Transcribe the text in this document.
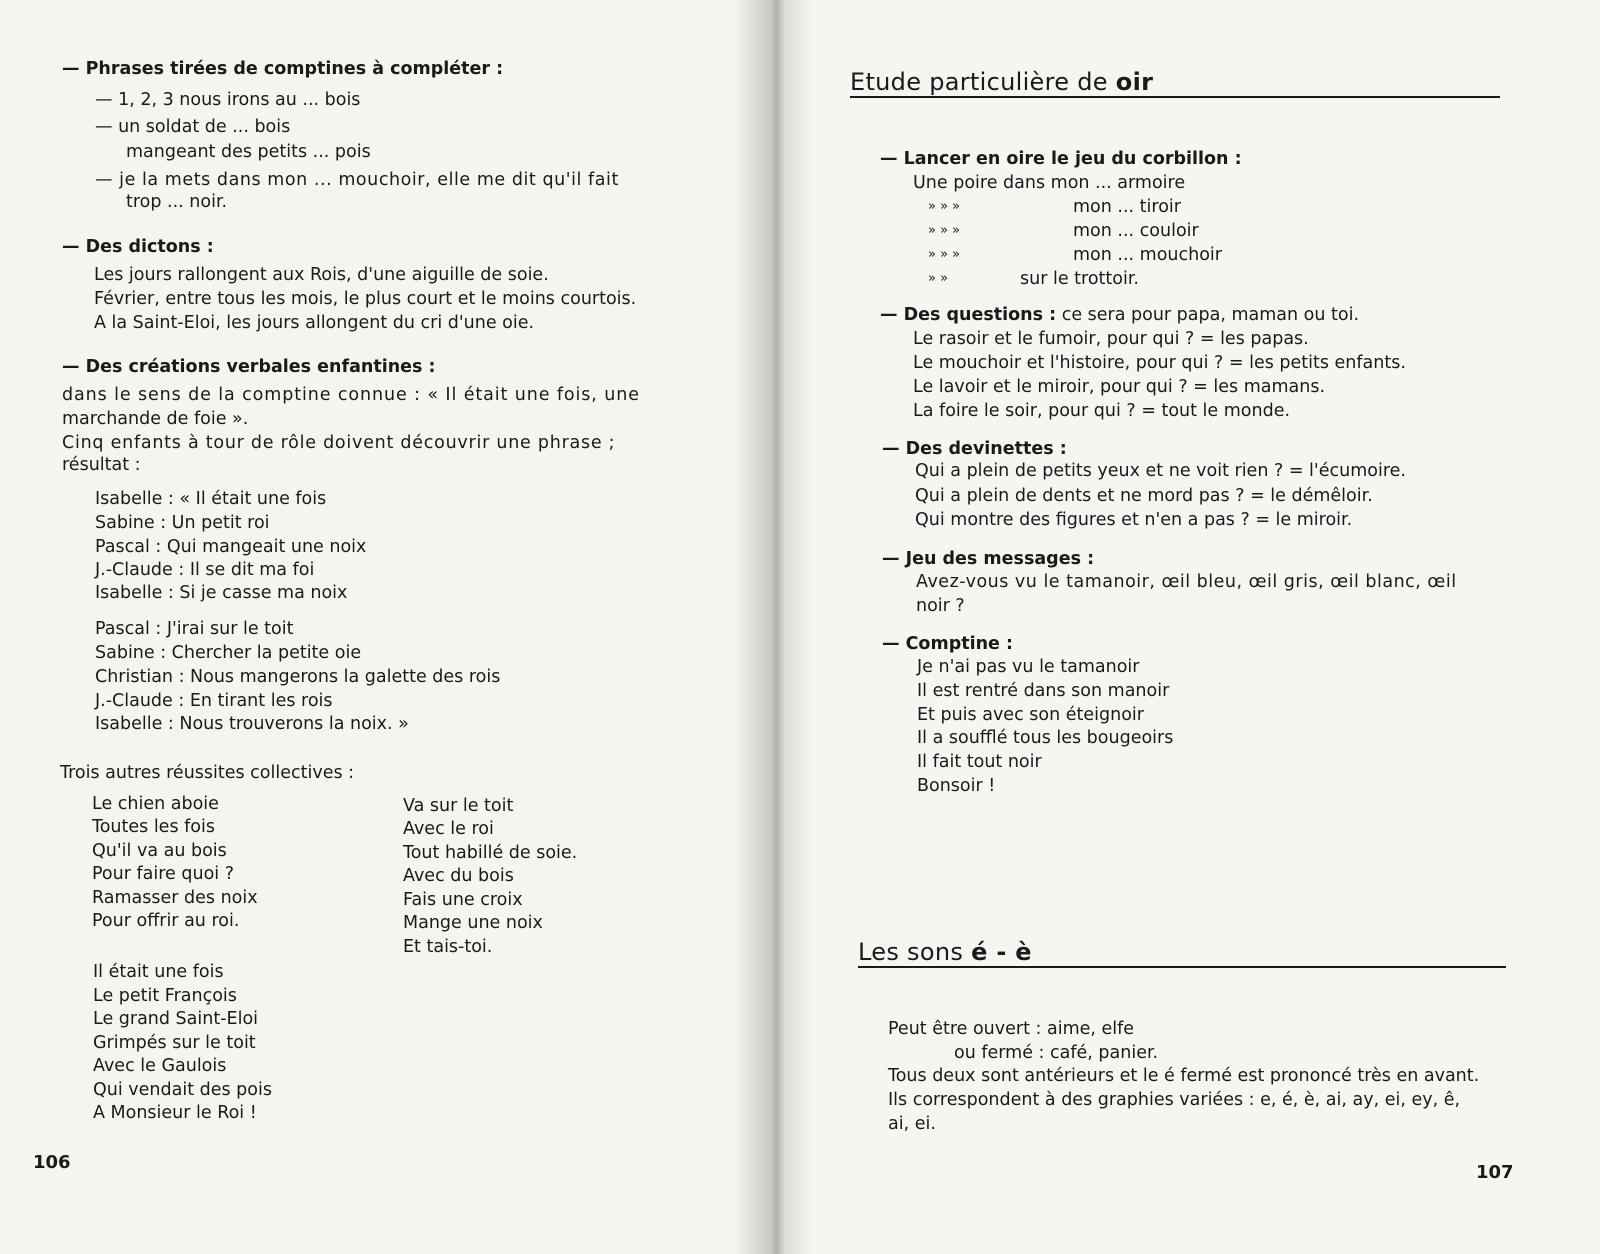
— Phrases tirées de comptines à compléter :
— 1, 2, 3 nous irons au ... bois
— un soldat de ... bois
mangeant des petits ... pois
— je la mets dans mon ... mouchoir, elle me dit qu'il fait
trop ... noir.
— Des dictons :
Les jours rallongent aux Rois, d'une aiguille de soie.
Février, entre tous les mois, le plus court et le moins courtois.
A la Saint-Eloi, les jours allongent du cri d'une oie.
— Des créations verbales enfantines :
dans le sens de la comptine connue : « Il était une fois, une
marchande de foie ».
Cinq enfants à tour de rôle doivent découvrir une phrase ;
résultat :
Isabelle : « Il était une fois
Sabine : Un petit roi
Pascal : Qui mangeait une noix
J.-Claude : Il se dit ma foi
Isabelle : Si je casse ma noix
Pascal : J'irai sur le toit
Sabine : Chercher la petite oie
Christian : Nous mangerons la galette des rois
J.-Claude : En tirant les rois
Isabelle : Nous trouverons la noix. »
Trois autres réussites collectives :
Le chien aboie
Toutes les fois
Qu'il va au bois
Pour faire quoi ?
Ramasser des noix
Pour offrir au roi.
Va sur le toit
Avec le roi
Tout habillé de soie.
Avec du bois
Fais une croix
Mange une noix
Et tais-toi.
Il était une fois
Le petit François
Le grand Saint-Eloi
Grimpés sur le toit
Avec le Gaulois
Qui vendait des pois
A Monsieur le Roi !
106
Etude particulière de oir
— Lancer en oire le jeu du corbillon :
Une poire dans mon ... armoire
» » »	mon ... tiroir
» » »	mon ... couloir
» » »	mon ... mouchoir
» »	sur le trottoir.
— Des questions : ce sera pour papa, maman ou toi.
Le rasoir et le fumoir, pour qui ? = les papas.
Le mouchoir et l'histoire, pour qui ? = les petits enfants.
Le lavoir et le miroir, pour qui ? = les mamans.
La foire le soir, pour qui ? = tout le monde.
— Des devinettes :
Qui a plein de petits yeux et ne voit rien ? = l'écumoire.
Qui a plein de dents et ne mord pas ? = le démêloir.
Qui montre des figures et n'en a pas ? = le miroir.
— Jeu des messages :
Avez-vous vu le tamanoir, œil bleu, œil gris, œil blanc, œil
noir ?
— Comptine :
Je n'ai pas vu le tamanoir
Il est rentré dans son manoir
Et puis avec son éteignoir
Il a soufflé tous les bougeoirs
Il fait tout noir
Bonsoir !
Les sons é - è
Peut être ouvert : aime, elfe
ou fermé : café, panier.
Tous deux sont antérieurs et le é fermé est prononcé très en avant.
Ils correspondent à des graphies variées : e, é, è, ai, ay, ei, ey, ê,
ai, ei.
107
